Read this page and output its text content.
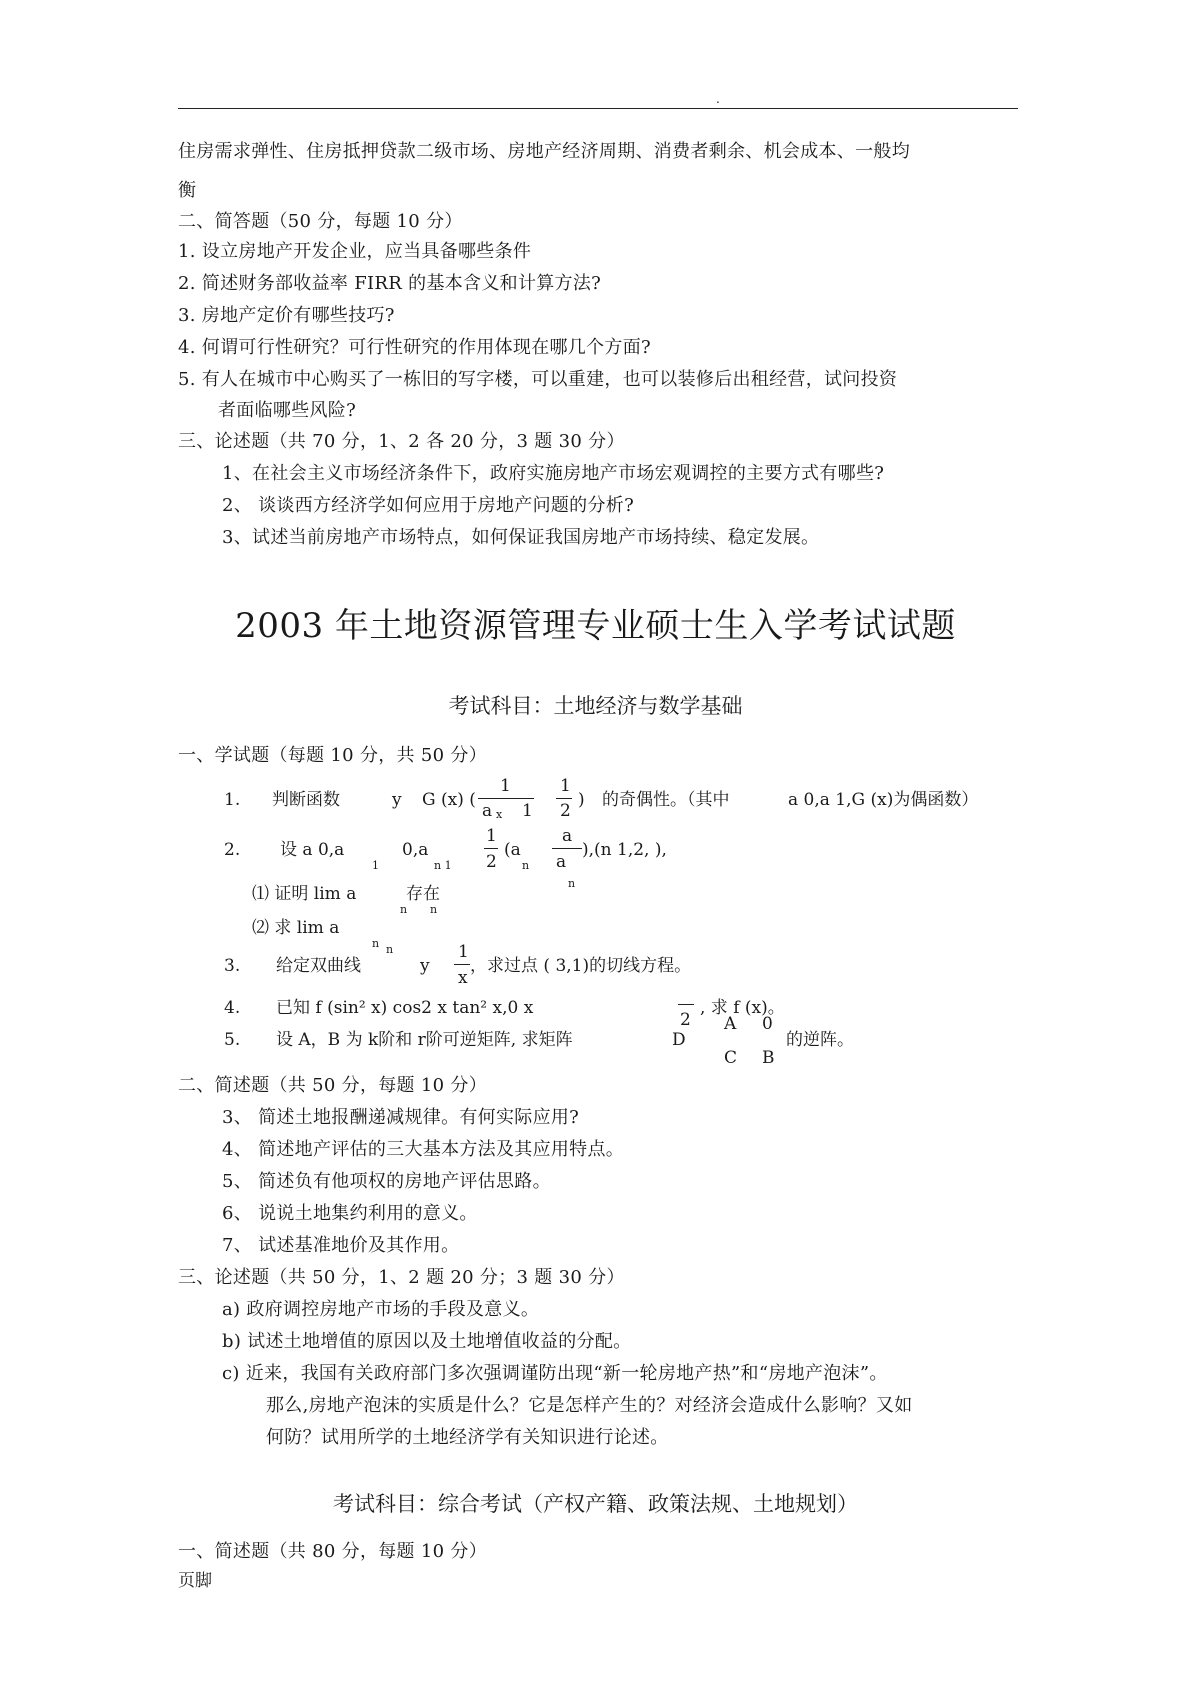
.
住房需求弹性、住房抵押贷款二级市场、房地产经济周期、消费者剩余、机会成本、一般均
衡
二、简答题（50 分，每题 10 分）
1. 设立房地产开发企业，应当具备哪些条件
2. 简述财务部收益率 FIRR 的基本含义和计算方法?
3. 房地产定价有哪些技巧?
4. 何谓可行性研究？可行性研究的作用体现在哪几个方面?
5. 有人在城市中心购买了一栋旧的写字楼，可以重建，也可以装修后出租经营，试问投资
者面临哪些风险?
三、论述题（共 70 分，1、2 各 20 分，3 题 30 分）
1、在社会主义市场经济条件下，政府实施房地产市场宏观调控的主要方式有哪些?
2、 谈谈西方经济学如何应用于房地产问题的分析?
3、试述当前房地产市场特点，如何保证我国房地产市场持续、稳定发展。
2003 年土地资源管理专业硕士生入学考试试题
考试科目：土地经济与数学基础
一、学试题（每题 10 分，共 50 分）
1. 判断函数	y G (x) (
1
a x 1
1
2
) 的奇偶性。（其中	a 0,a 1,G (x)为偶函数）
2. 设 a 0,a
1
0,a
n 1
1
2
(a
n
a
a
n
),(n 1,2, ),
⑴ 证明 lim a
n n
存在
⑵ 求 lim a
n n
3. 给定双曲线	y
1
x
，求过点 ( 3,1)的切线方程。
4. 已知 f (sin² x) cos2 x tan² x,0 x
2
, 求 f (x)。
5. 设 A，B 为 k阶和 r阶可逆矩阵, 求矩阵	D
A 0
C B
的逆阵。
二、简述题（共 50 分，每题 10 分）
3、 简述土地报酬递减规律。有何实际应用?
4、 简述地产评估的三大基本方法及其应用特点。
5、 简述负有他项权的房地产评估思路。
6、 说说土地集约利用的意义。
7、 试述基准地价及其作用。
三、论述题（共 50 分，1、2 题 20 分；3 题 30 分）
a) 政府调控房地产市场的手段及意义。
b) 试述土地增值的原因以及土地增值收益的分配。
c) 近来，我国有关政府部门多次强调谨防出现“新一轮房地产热”和“房地产泡沫”。
那么,房地产泡沫的实质是什么？它是怎样产生的？对经济会造成什么影响？又如
何防？试用所学的土地经济学有关知识进行论述。
考试科目：综合考试（产权产籍、政策法规、土地规划）
一、简述题（共 80 分，每题 10 分）
页脚
